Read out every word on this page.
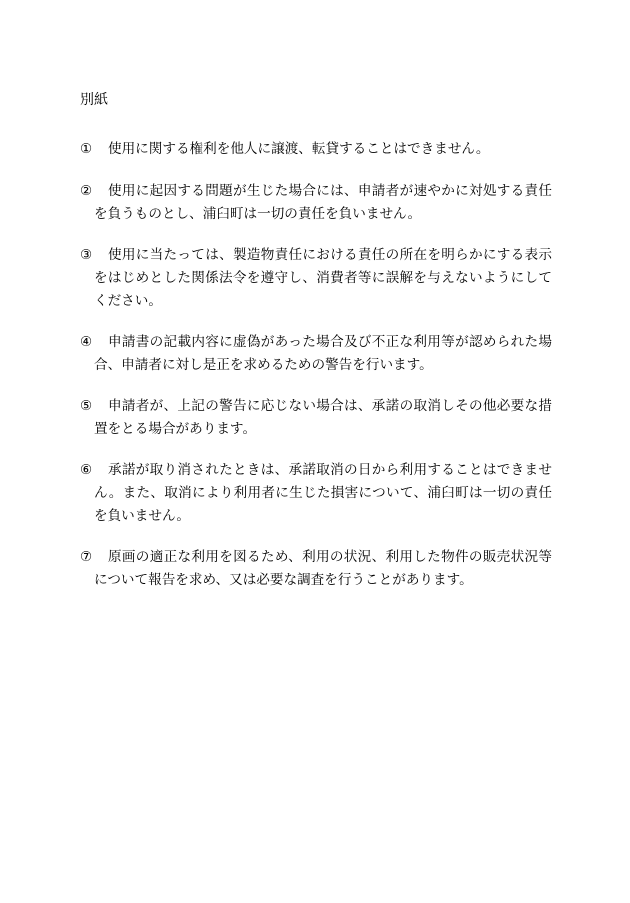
別紙
①	使用に関する権利を他人に譲渡、転貸することはできません。
②	使用に起因する問題が生じた場合には、申請者が速やかに対処する責任を負うものとし、浦臼町は一切の責任を負いません。
③	使用に当たっては、製造物責任における責任の所在を明らかにする表示をはじめとした関係法令を遵守し、消費者等に誤解を与えないようにしてください。
④	申請書の記載内容に虚偽があった場合及び不正な利用等が認められた場合、申請者に対し是正を求めるための警告を行います。
⑤	申請者が、上記の警告に応じない場合は、承諾の取消しその他必要な措置をとる場合があります。
⑥	承諾が取り消されたときは、承諾取消の日から利用することはできません。また、取消により利用者に生じた損害について、浦臼町は一切の責任を負いません。
⑦	原画の適正な利用を図るため、利用の状況、利用した物件の販売状況等について報告を求め、又は必要な調査を行うことがあります。
